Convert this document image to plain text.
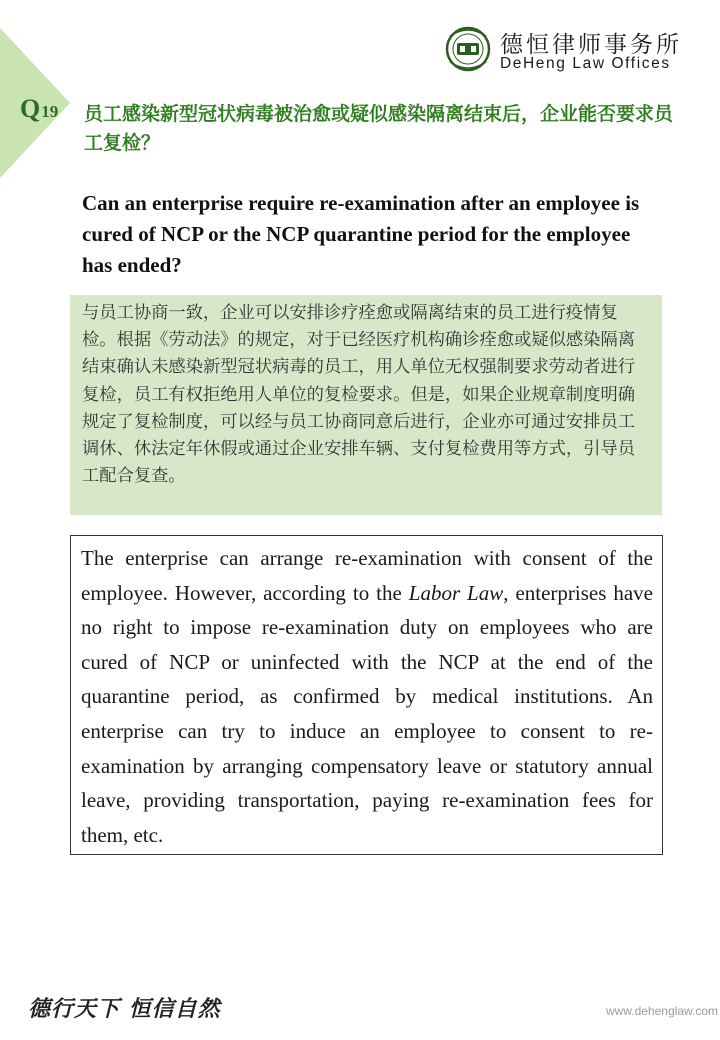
Q19
德恒律师事务所
DeHeng Law Offices
员工感染新型冠状病毒被治愈或疑似感染隔离结束后，企业能否要求员工复检？
Can an enterprise require re-examination after an employee is cured of NCP or the NCP quarantine period for the employee has ended?

与员工协商一致，企业可以安排诊疗痊愈或隔离结束的员工进行疫情复检。根据《劳动法》的规定，对于已经医疗机构确诊痊愈或疑似感染隔离结束确认未感染新型冠状病毒的员工，用人单位无权强制要求劳动者进行复检，员工有权拒绝用人单位的复检要求。但是，如果企业规章制度明确规定了复检制度，可以经与员工协商同意后进行，企业亦可通过安排员工调休、休法定年休假或通过企业安排车辆、支付复检费用等方式，引导员工配合复查。

The enterprise can arrange re-examination with consent of the employee. However, according to the Labor Law, enterprises have no right to impose re-examination duty on employees who are cured of NCP or uninfected with the NCP at the end of the quarantine period, as confirmed by medical institutions. An enterprise can try to induce an employee to consent to re-examination by arranging compensatory leave or statutory annual leave, providing transportation, paying re-examination fees for them, etc.

德行天下 恒信自然	www.dehenglaw.com
